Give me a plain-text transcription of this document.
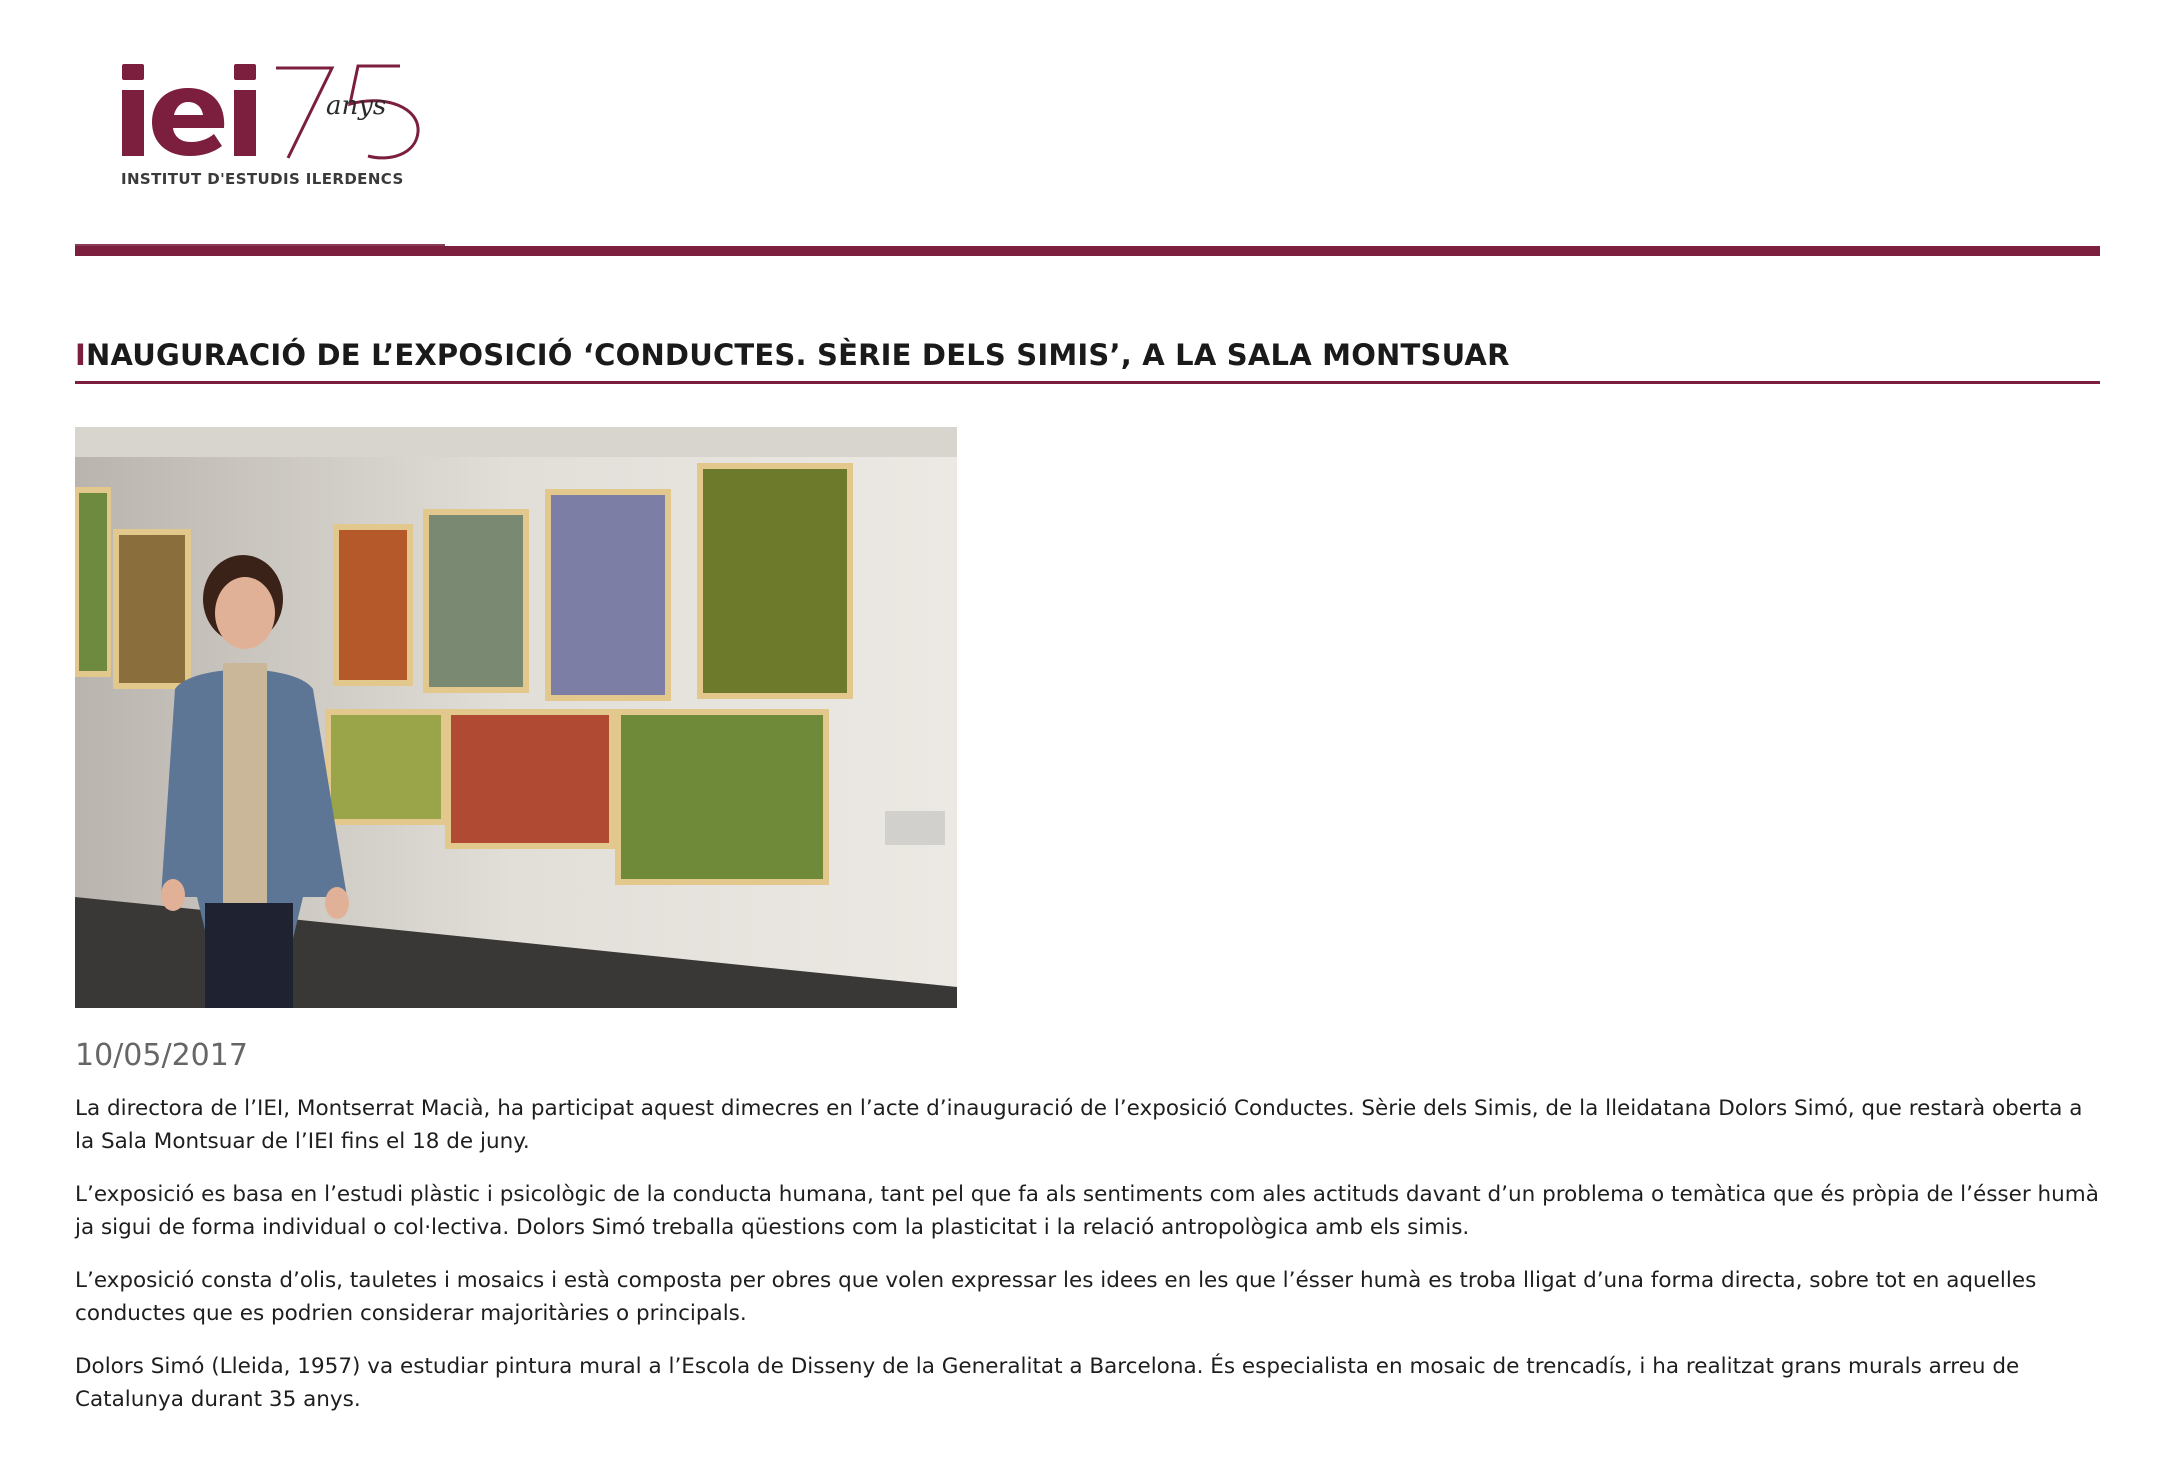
anys
INSTITUT D'ESTUDIS ILERDENCS
INAUGURACIÓ DE L’EXPOSICIÓ ‘CONDUCTES. SÈRIE DELS SIMIS’, A LA SALA MONTSUAR
10/05/2017

La directora de l’IEI, Montserrat Macià, ha participat aquest dimecres en l’acte d’inauguració de l’exposició Conductes. Sèrie dels Simis, de la lleidatana Dolors Simó, que restarà oberta a la Sala Montsuar de l’IEI fins el 18 de juny.

L’exposició es basa en l’estudi plàstic i psicològic de la conducta humana, tant pel que fa als sentiments com ales actituds davant d’un problema o temàtica que és pròpia de l’ésser humà ja sigui de forma individual o col·lectiva. Dolors Simó treballa qüestions com la plasticitat i la relació antropològica amb els simis.

L’exposició consta d’olis, tauletes i mosaics i està composta per obres que volen expressar les idees en les que l’ésser humà es troba lligat d’una forma directa, sobre tot en aquelles conductes que es podrien considerar majoritàries o principals.

Dolors Simó (Lleida, 1957) va estudiar pintura mural a l’Escola de Disseny de la Generalitat a Barcelona. És especialista en mosaic de trencadís, i ha realitzat grans murals arreu de Catalunya durant 35 anys.
